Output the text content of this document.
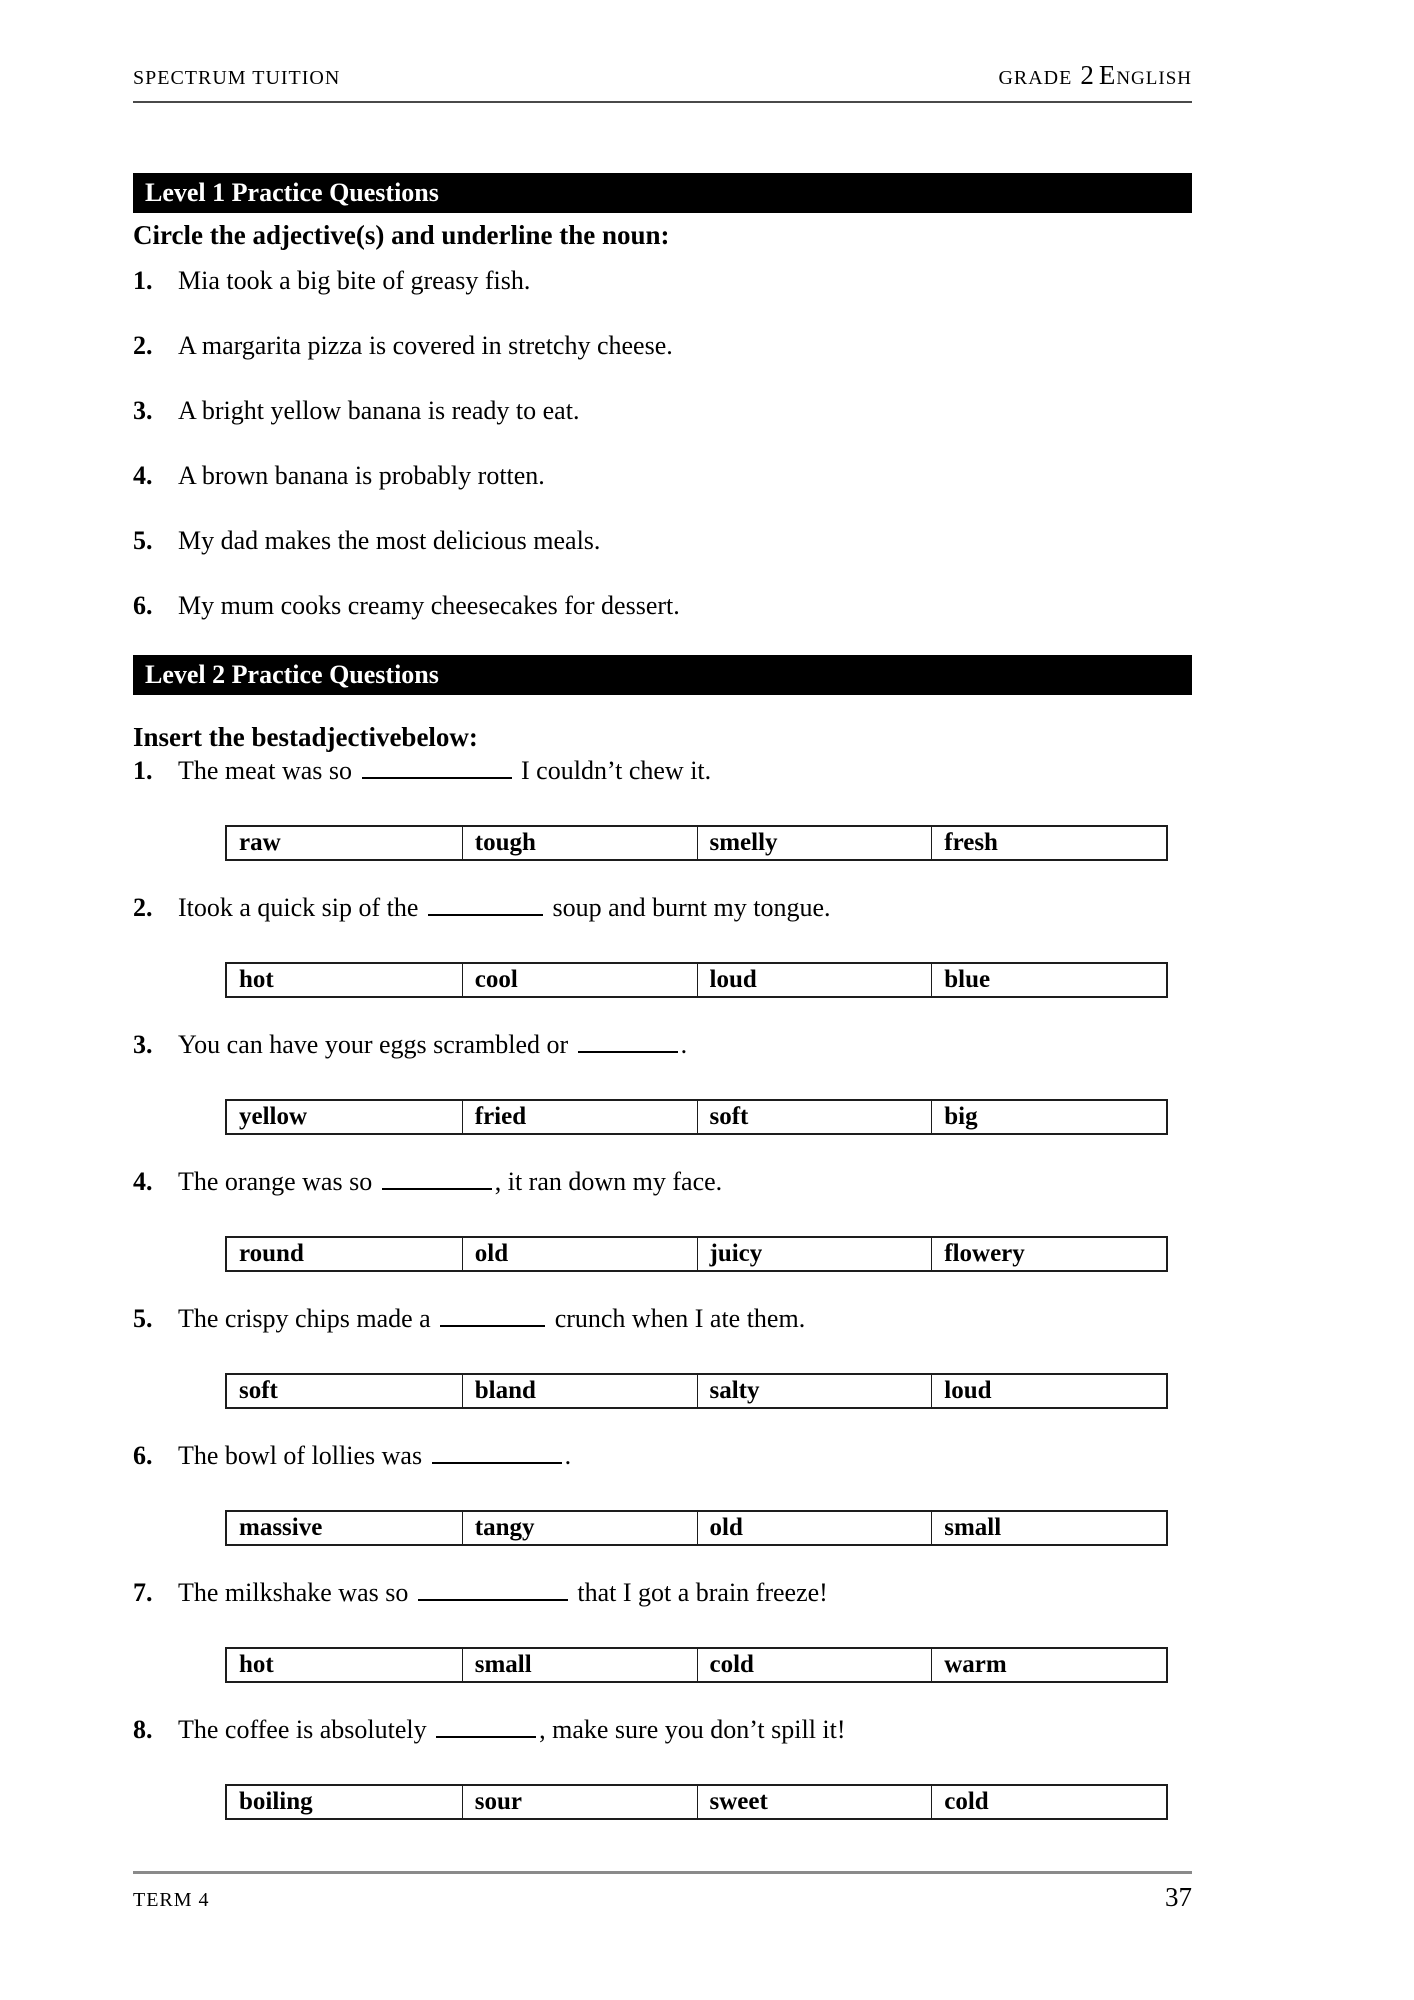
SPECTRUM TUITION	GRADE 2 English
Level 1 Practice Questions
Circle the adjective(s) and underline the noun:
1. Mia took a big bite of greasy fish.
2. A margarita pizza is covered in stretchy cheese.
3. A bright yellow banana is ready to eat.
4. A brown banana is probably rotten.
5. My dad makes the most delicious meals.
6. My mum cooks creamy cheesecakes for dessert.
Level 2 Practice Questions
Insert the bestadjectivebelow:
1. The meat was so	I couldn’t chew it.
raw	tough	smelly	fresh
2. Itook a quick sip of the	soup and burnt my tongue.
hot	cool	loud	blue
3. You can have your eggs scrambled or	.
yellow	fried	soft	big
4. The orange was so	, it ran down my face.
round	old	juicy	flowery
5. The crispy chips made a	crunch when I ate them.
soft	bland	salty	loud
6. The bowl of lollies was	.
massive	tangy	old	small
7. The milkshake was so	that I got a brain freeze!
hot	small	cold	warm
8. The coffee is absolutely	, make sure you don’t spill it!
boiling	sour	sweet	cold
TERM 4	37
